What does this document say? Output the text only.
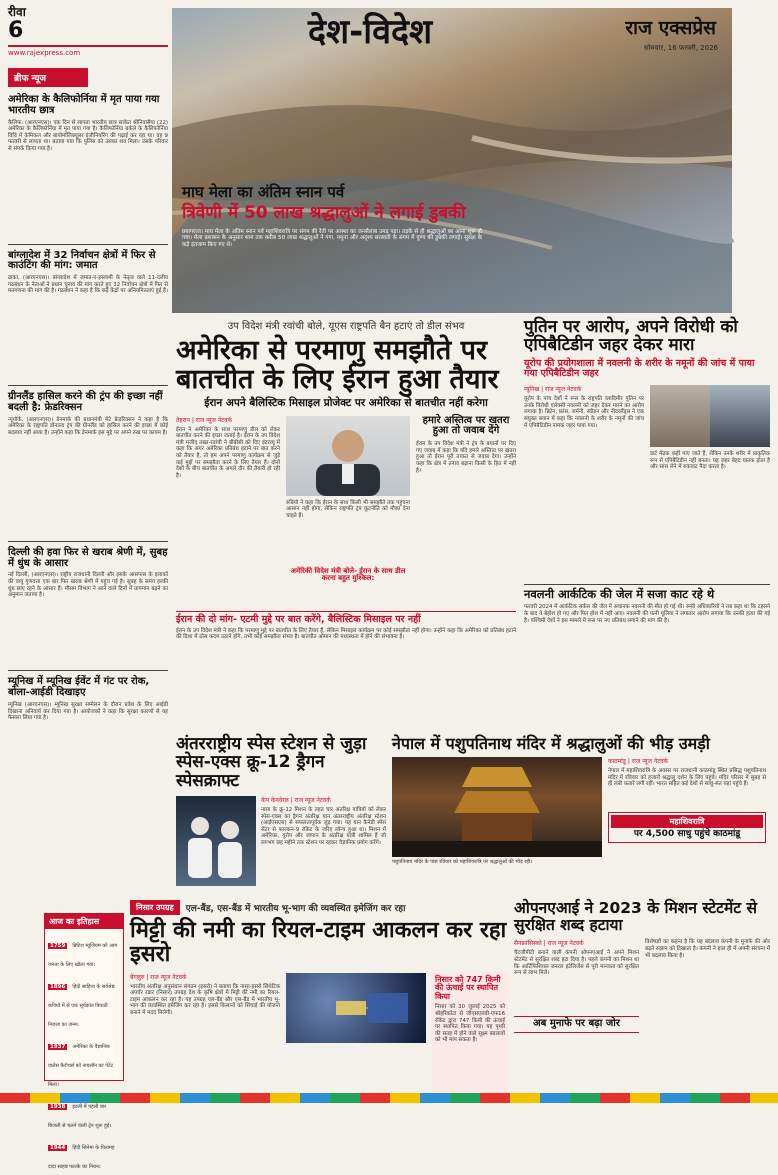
रीवा
6
www.rajexpress.com
देश-विदेश	राज एक्सप्रेस
सोमवार, 16 फरवरी, 2026
माघ मेला का अंतिम स्नान पर्व
त्रिवेणी में 50 लाख श्रद्धालुओं ने लगाई डुबकी
प्रयागराज। माघ मेला के अंतिम स्नान पर्व महाशिवरात्रि पर संगम की रेती पर आस्था का जनसैलाब उमड़ पड़ा। तड़के से ही श्रद्धालुओं का आना शुरू हो गया। मेला प्रशासन के अनुसार शाम तक करीब 50 लाख श्रद्धालुओं ने गंगा, यमुना और अदृश्य सरस्वती के संगम में पुण्य की डुबकी लगाई। सुरक्षा के कड़े इंतजाम किए गए थे।
ब्रीफ न्यूज
अमेरिका के कैलिफोर्निया में मृत पाया गया भारतीय छात्र
कैलिफ. (आरएनएस)। एक दिन से लापता भारतीय छात्र साकेत श्रीनिवासैया (22) अमेरिका के कैलिफोर्निया में मृत पाया गया है। कैलिफोर्निया बर्कले के कैलिफोर्निया विवि में केमिकल और बायोमॉलिक्यूलर इंजीनियरिंग की पढ़ाई कर रहा था। वह 9 फरवरी से लापता था। बताया गया कि पुलिस को उसका शव मिला। उसके परिवार से संपर्क किया गया है।
बांग्लादेश में 32 निर्वाचन क्षेत्रों में फिर से काउंटिंग की मांग: जमात
ढाका, (आरएनएस)। बांग्लादेश में जमात-ए-इस्लामी के नेतृत्व वाले 11-दलीय गठबंधन के नेताओं ने प्रधान चुनाव की मांग करते हुए 32 निर्वाचन क्षेत्रों में फिर से मतगणना की मांग की है। गठबंधन ने कहा है कि कई केंद्रों पर अनियमितताएं हुई हैं।
ग्रीनलैंड हासिल करने की ट्रंप की इच्छा नहीं बदली है: फ्रेडरिक्सन
न्यूयॉर्क, (आरएनएस)। डेनमार्क की प्रधानमंत्री मेटे फ्रेडरिक्सन ने कहा है कि अमेरिका के राष्ट्रपति डोनाल्ड ट्रंप की ग्रीनलैंड को हासिल करने की इच्छा में कोई बदलाव नहीं आया है। उन्होंने कहा कि डेनमार्क इस मुद्दे पर अपने रुख पर कायम है।
दिल्ली की हवा फिर से खराब श्रेणी में, सुबह में धुंध के आसार
नई दिल्ली, (आरएनएस)। राष्ट्रीय राजधानी दिल्ली और इसके आसपास के इलाकों की वायु गुणवत्ता एक बार फिर खराब श्रेणी में पहुंच गई है। सुबह के समय हल्की धुंध छाए रहने के आसार हैं। मौसम विभाग ने आने वाले दिनों में तापमान बढ़ने का अनुमान जताया है।
म्यूनिख में म्यूनिख ईवेंट में गंट पर रोक, बोला-आईडी दिखाइए
म्यूनिख (आरएनएस)। म्यूनिख सुरक्षा सम्मेलन के दौरान प्रवेश के लिए आईडी दिखाना अनिवार्य कर दिया गया है। आयोजकों ने कहा कि सुरक्षा कारणों से यह फैसला लिया गया है।
उप विदेश मंत्री रवांची बोले, यूएस राष्ट्रपति बैन हटाएं तो डील संभव
अमेरिका से परमाणु समझौते पर बातचीत के लिए ईरान हुआ तैयार
ईरान अपने बैलिस्टिक मिसाइल प्रोजेक्ट पर अमेरिका से बातचीत नहीं करेगा
तेहरान | राज न्यूज नेटवर्क
ईरान ने अमेरिका के साथ परमाणु डील को लेकर बातचीत करने की इच्छा जताई है। ईरान के उप विदेश मंत्री मजीद तख्त-रवांची ने बीबीसी को दिए इंटरव्यू में कहा कि अगर अमेरिका प्रतिबंध हटाने पर बात करने को तैयार है, तो हम अपने परमाणु कार्यक्रम से जुड़े कई मुद्दों पर समझौता करने के लिए तैयार हैं। दोनों देशों के बीच बातचीत के अगले दौर की तैयारी हो रही है।
रुबियो ने कहा कि ईरान के साथ किसी भी समझौते तक पहुंचना आसान नहीं होगा, लेकिन राष्ट्रपति ट्रंप कूटनीति को मौका देना चाहते हैं।
अमेरिकी विदेश मंत्री बोले- ईरान के साथ डील करना बहुत मुश्किल:
हमारे अस्तित्व पर खतरा हुआ तो जवाब देंगे
ईरान के उप विदेश मंत्री ने ट्रंप के बयानों पर दिए गए जवाब में कहा कि यदि हमारे अस्तित्व पर खतरा हुआ तो ईरान पूरी ताकत से जवाब देगा। उन्होंने कहा कि क्षेत्र में तनाव बढ़ाना किसी के हित में नहीं है।
ईरान की दो मांग- एटमी मुद्दे पर बात करेंगे, बैलिस्टिक मिसाइल पर नहीं
ईरान के उप विदेश मंत्री ने कहा कि परमाणु मुद्दे पर बातचीत के लिए तैयार हैं, लेकिन मिसाइल कार्यक्रम पर कोई समझौता नहीं होगा। उन्होंने कहा कि अमेरिका को प्रतिबंध हटाने की दिशा में ठोस कदम उठाने होंगे, तभी कोई समझौता संभव है। बातचीत ओमान की मध्यस्थता में होने की संभावना है।
पुतिन पर आरोप, अपने विरोधी को एपिबैटिडीन जहर देकर मारा
यूरोप की प्रयोगशाला में नवलनी के शरीर के नमूनों की जांच में पाया गया एपिबैटिडीन जहर
म्यूनिख | राज न्यूज नेटवर्क
यूरोप के पांच देशों ने रूस के राष्ट्रपति व्लादिमीर पुतिन पर उनके विरोधी एलेक्सी नवलनी को जहर देकर मारने का आरोप लगाया है। ब्रिटेन, फ्रांस, जर्मनी, स्वीडन और नीदरलैंड्स ने एक संयुक्त बयान में कहा कि नवलनी के शरीर के नमूनों की जांच में एपिबैटिडीन नामक जहर पाया गया।
डार्ट मेंढक कहीं पाए जाते हैं, लेकिन उनके शरीर में प्राकृतिक रूप से एपिबैटिडीन नहीं बनता। यह जहर बेहद घातक होता है और सांस लेने में रुकावट पैदा करता है।
नवलनी आर्कटिक की जेल में सजा काट रहे थे
फरवरी 2024 में आर्कटिक सर्कल की जेल में अचानक नवलनी की मौत हो गई थी। रूसी अधिकारियों ने तब कहा था कि टहलने के बाद वे बेहोश हो गए और फिर होश में नहीं आए। नवलनी की पत्नी यूलिया ने लगातार आरोप लगाया कि उनकी हत्या की गई है। पश्चिमी देशों ने इस मामले में रूस पर नए प्रतिबंध लगाने की मांग की है।
अंतरराष्ट्रीय स्पेस स्टेशन से जुड़ा स्पेस-एक्स क्रू-12 ड्रैगन स्पेसक्राफ्ट
केप केनवेरल | राज न्यूज नेटवर्क
नासा के क्रू-12 मिशन के तहत चार अंतरिक्ष यात्रियों को लेकर स्पेस-एक्स का ड्रैगन अंतरिक्ष यान अंतरराष्ट्रीय अंतरिक्ष स्टेशन (आईएसएस) से सफलतापूर्वक जुड़ गया। यह यान कैनेडी स्पेस सेंटर से फाल्कन-9 रॉकेट के जरिए लॉन्च हुआ था। मिशन में अमेरिका, यूरोप और जापान के अंतरिक्ष यात्री शामिल हैं जो लगभग छह महीने तक स्टेशन पर रहकर वैज्ञानिक प्रयोग करेंगे।
नेपाल में पशुपतिनाथ मंदिर में श्रद्धालुओं की भीड़ उमड़ी
पशुपतिनाथ मंदिर के पास रविवार को महाशिवरात्रि पर श्रद्धालुओं की भीड़ रही।
काठमांडू | राज न्यूज नेटवर्क
नेपाल में महाशिवरात्रि के अवसर पर राजधानी काठमांडू स्थित प्रसिद्ध पशुपतिनाथ मंदिर में रविवार को हजारों श्रद्धालु दर्शन के लिए पहुंचे। मंदिर परिसर में सुबह से ही लंबी कतारें लगी रहीं। भारत सहित कई देशों से साधु-संत यहां पहुंचे हैं।
महाशिवरात्रि
पर 4,500 साधु पहुंचे काठमांडू
आज का इतिहास
1759 ब्रिटिश म्यूजियम को आम जनता के लिए खोला गया।
1896 हिंदी साहित्य के सर्वश्रेष्ठ कवियों में से एक सूर्यकांत त्रिपाठी निराला का जन्म।
1937 अमेरिका के वैज्ञानिक वालेस कैरोथर्स को नायलॉन का पेटेंट मिला।
1938 इटली में पहली बार बिजली से चलने वाली ट्रेन शुरू हुई।
1944 हिंदी सिनेमा के पितामह दादा साहब फाल्के का निधन।
निसार उपग्रह	एल-बैंड, एस-बैंड में भारतीय भू-भाग की व्यवस्थित इमेजिंग कर रहा
मिट्टी की नमी का रियल-टाइम आकलन कर रहा इसरो
बेंगलुरु | राज न्यूज नेटवर्क
भारतीय अंतरिक्ष अनुसंधान संगठन (इसरो) ने बताया कि नासा-इसरो सिंथेटिक अपर्चर रडार (निसार) उपग्रह देश के कृषि क्षेत्रों में मिट्टी की नमी का रियल-टाइम आकलन कर रहा है। यह उपग्रह एल-बैंड और एस-बैंड में भारतीय भू-भाग की व्यवस्थित इमेजिंग कर रहा है। इससे किसानों को सिंचाई की योजना बनाने में मदद मिलेगी।
निसार को 747 किमी की ऊंचाई पर स्थापित किया
निसार को 30 जुलाई 2025 को श्रीहरिकोटा से जीएसएलवी-एफ16 रॉकेट द्वारा 747 किमी की ऊंचाई पर स्थापित किया गया। यह पृथ्वी की सतह में होने वाले सूक्ष्म बदलावों को भी माप सकता है।
ओपनएआई ने 2023 के मिशन स्टेटमेंट से सुरक्षित शब्द हटाया
सैनफ्रांसिस्को | राज न्यूज नेटवर्क
चैटजीपीटी बनाने वाली कंपनी ओपनएआई ने अपने मिशन स्टेटमेंट से सुरक्षित शब्द हटा दिया है। पहले कंपनी का मिशन था कि आर्टिफिशियल जनरल इंटेलिजेंस से पूरी मानवता को सुरक्षित रूप से लाभ मिले।
अब मुनाफे पर बढ़ा जोर
विशेषज्ञों का कहना है कि यह बदलाव कंपनी के मुनाफे की ओर बढ़ते रुझान को दिखाता है। कंपनी ने हाल ही में अपनी संरचना में भी बदलाव किया है।
